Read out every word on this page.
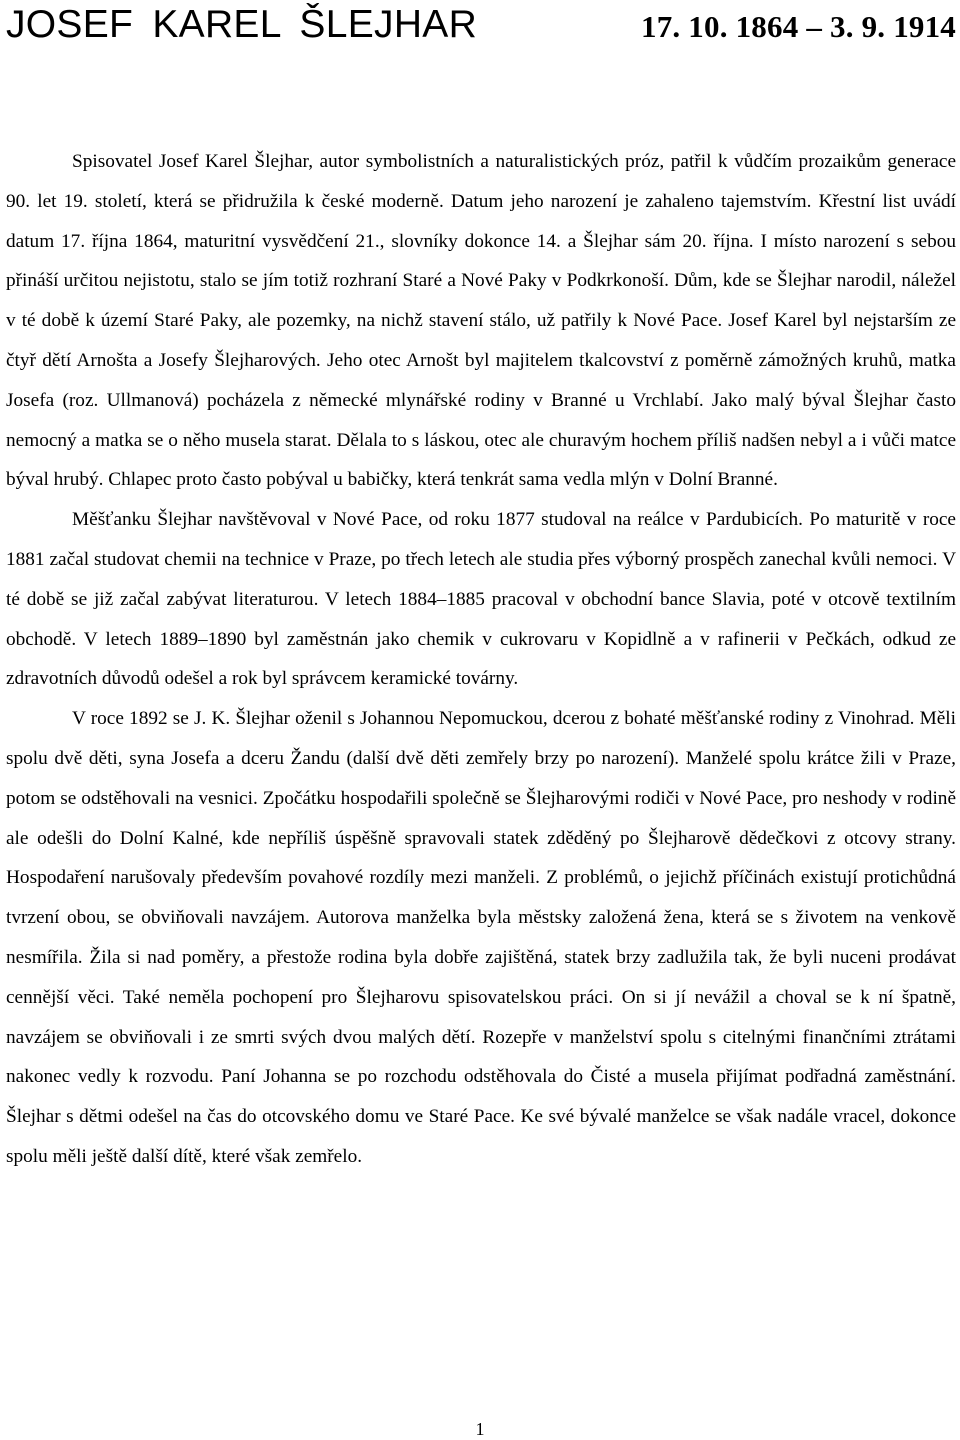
JOSEF KAREL ŠLEJHAR	17. 10. 1864 – 3. 9. 1914

Spisovatel Josef Karel Šlejhar, autor symbolistních a naturalistických próz, patřil k vůdčím prozaikům generace 90. let 19. století, která se přidružila k české moderně. Datum jeho narození je zahaleno tajemstvím. Křestní list uvádí datum 17. října 1864, maturitní vysvědčení 21., slovníky dokonce 14. a Šlejhar sám 20. října. I místo narození s sebou přináší určitou nejistotu, stalo se jím totiž rozhraní Staré a Nové Paky v Podkrkonoší. Dům, kde se Šlejhar narodil, náležel v té době k území Staré Paky, ale pozemky, na nichž stavení stálo, už patřily k Nové Pace. Josef Karel byl nejstarším ze čtyř dětí Arnošta a Josefy Šlejharových. Jeho otec Arnošt byl majitelem tkalcovství z poměrně zámožných kruhů, matka Josefa (roz. Ullmanová) pocházela z německé mlynářské rodiny v Branné u Vrchlabí. Jako malý býval Šlejhar často nemocný a matka se o něho musela starat. Dělala to s láskou, otec ale churavým hochem příliš nadšen nebyl a i vůči matce býval hrubý. Chlapec proto často pobýval u babičky, která tenkrát sama vedla mlýn v Dolní Branné.

Měšťanku Šlejhar navštěvoval v Nové Pace, od roku 1877 studoval na reálce v Pardubicích. Po maturitě v roce 1881 začal studovat chemii na technice v Praze, po třech letech ale studia přes výborný prospěch zanechal kvůli nemoci. V té době se již začal zabývat literaturou. V letech 1884–1885 pracoval v obchodní bance Slavia, poté v otcově textilním obchodě. V letech 1889–1890 byl zaměstnán jako chemik v cukrovaru v Kopidlně a v rafinerii v Pečkách, odkud ze zdravotních důvodů odešel a rok byl správcem keramické továrny.

V roce 1892 se J. K. Šlejhar oženil s Johannou Nepomuckou, dcerou z bohaté měšťanské rodiny z Vinohrad. Měli spolu dvě děti, syna Josefa a dceru Žandu (další dvě děti zemřely brzy po narození). Manželé spolu krátce žili v Praze, potom se odstěhovali na vesnici. Zpočátku hospodařili společně se Šlejharovými rodiči v Nové Pace, pro neshody v rodině ale odešli do Dolní Kalné, kde nepříliš úspěšně spravovali statek zděděný po Šlejharově dědečkovi z otcovy strany. Hospodaření narušovaly především povahové rozdíly mezi manželi. Z problémů, o jejichž příčinách existují protichůdná tvrzení obou, se obviňovali navzájem. Autorova manželka byla městsky založená žena, která se s životem na venkově nesmířila. Žila si nad poměry, a přestože rodina byla dobře zajištěná, statek brzy zadlužila tak, že byli nuceni prodávat cennější věci. Také neměla pochopení pro Šlejharovu spisovatelskou práci. On si jí nevážil a choval se k ní špatně, navzájem se obviňovali i ze smrti svých dvou malých dětí. Rozepře v manželství spolu s citelnými finančními ztrátami nakonec vedly k rozvodu. Paní Johanna se po rozchodu odstěhovala do Čisté a musela přijímat podřadná zaměstnání. Šlejhar s dětmi odešel na čas do otcovského domu ve Staré Pace. Ke své bývalé manželce se však nadále vracel, dokonce spolu měli ještě další dítě, které však zemřelo.

1
